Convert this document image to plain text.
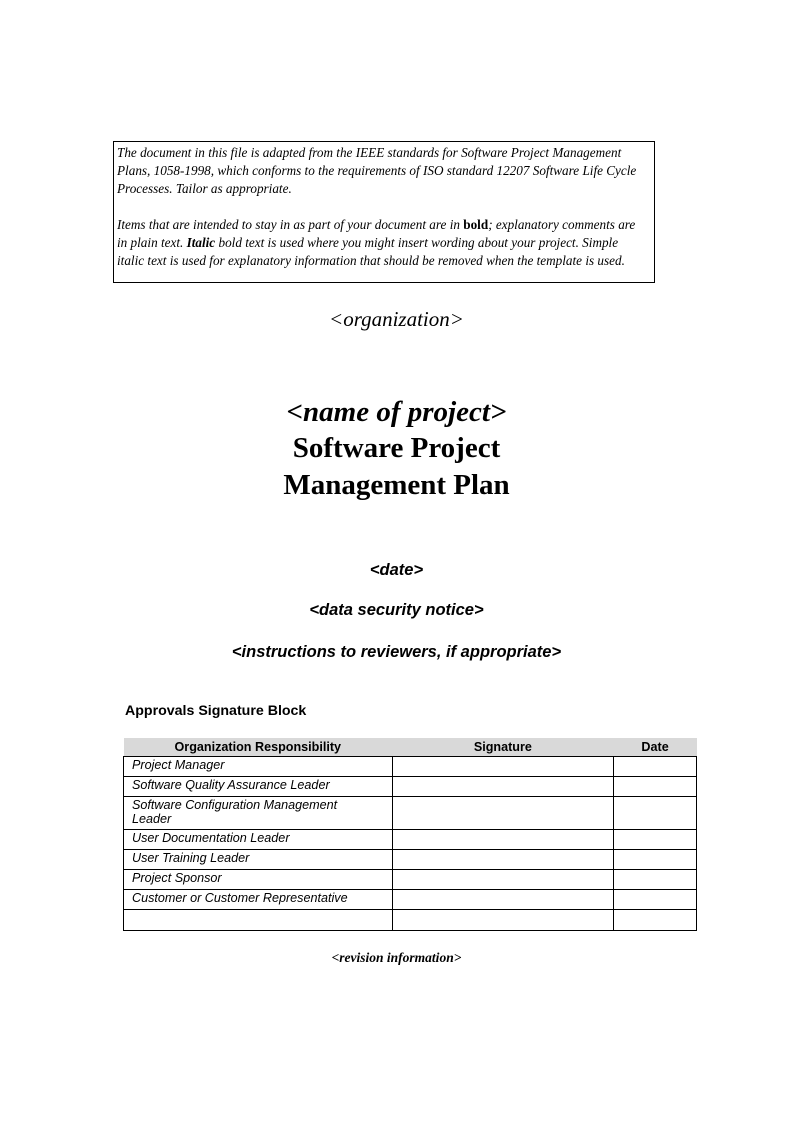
The document in this file is adapted from the IEEE standards for Software Project Management Plans, 1058-1998, which conforms to the requirements of ISO standard 12207 Software Life Cycle Processes. Tailor as appropriate.

Items that are intended to stay in as part of your document are in bold; explanatory comments are in plain text. Italic bold text is used where you might insert wording about your project. Simple italic text is used for explanatory information that should be removed when the template is used.

<organization>
<name of project>
Software Project
Management Plan
<date>
<data security notice>
<instructions to reviewers, if appropriate>
Approvals Signature Block
Organization Responsibility	Signature	Date
Project Manager		
Software Quality Assurance Leader		
Software Configuration Management Leader		
User Documentation Leader		
User Training Leader		
Project Sponsor		
Customer or Customer Representative		

<revision information>
